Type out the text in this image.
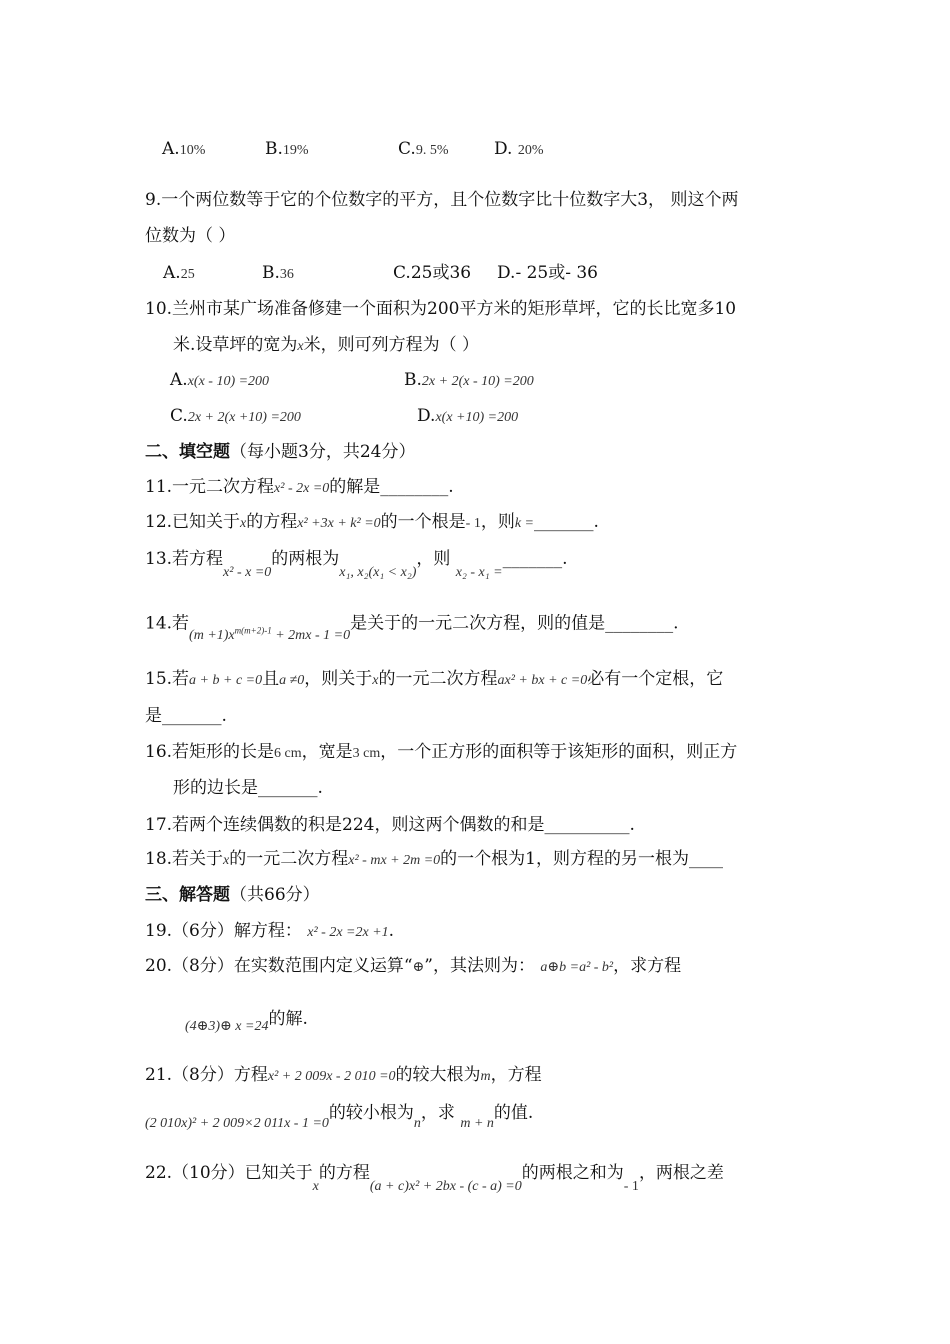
A.10%	B.19%	C.9. 5%	D. 20%
9.一个两位数等于它的个位数字的平方，且个位数字比十位数字大3， 则这个两
位数为（ ）
A.25	B.36	C.25或36 D.- 25或- 36
10.兰州市某广场准备修建一个面积为200平方米的矩形草坪，它的长比宽多10
米.设草坪的宽为x米，则可列方程为（ ）
A.x(x - 10) =200	B.2x + 2(x - 10) =200
C.2x + 2(x +10) =200	D.x(x +10) =200
二、填空题（每小题3分，共24分）
11.一元二次方程x² - 2x =0的解是________.
12.已知关于x的方程x² +3x + k² =0的一个根是- 1，则k =_______.
13.若方程$_{x^2 - x =0}$的两根为$_{x_1, x_2(x_1 < x_2)}$，则 $_{x_2 - x_1 =}$_______.
14.若$_{(m +1)x^{m(m+2)-1} + 2mx - 1 =0}$是关于的一元二次方程，则的值是________.
15.若a + b + c =0且a ≠0，则关于x的一元二次方程ax² + bx + c =0必有一个定根，它
是_______.
16.若矩形的长是6 cm，宽是3 cm，一个正方形的面积等于该矩形的面积，则正方
形的边长是_______.
17.若两个连续偶数的积是224，则这两个偶数的和是__________.
18.若关于x的一元二次方程x² - mx + 2m =0的一个根为1，则方程的另一根为____
三、解答题（共66分）
19.（6分）解方程： x² - 2x =2x +1.
20.（8分）在实数范围内定义运算“⊕”，其法则为： a⊕b =a² - b²，求方程
$_{(4\oplus 3)\oplus x =24}$的解.
21.（8分）方程x² + 2 009x - 2 010 =0的较大根为m，方程
$_{(2 010x)^2 + 2 009\times 2 011x - 1 =0}$的较小根为$_n$，求 $_{m + n}$的值.
22.（10分）已知关于$_x$的方程$_{(a + c)x^2 + 2bx - (c - a) =0}$的两根之和为$_{- 1}$，两根之差
